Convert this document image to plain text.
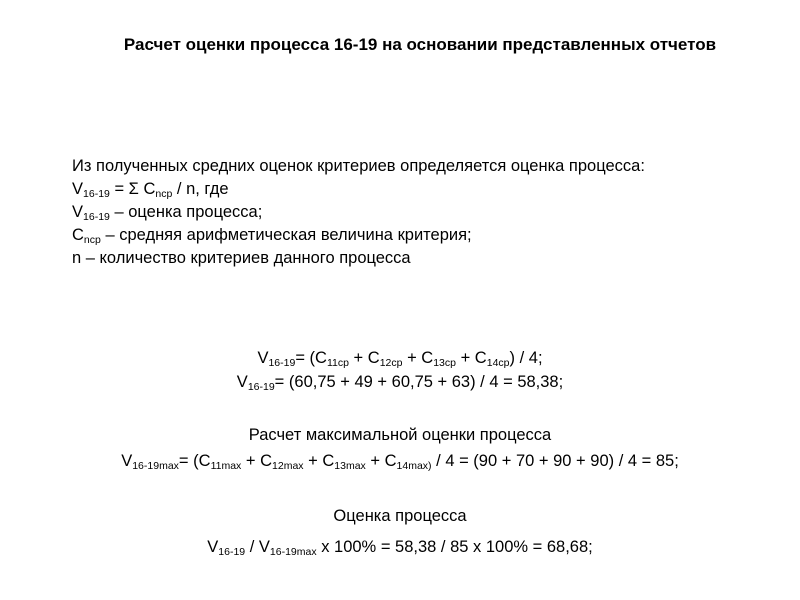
Расчет оценки процесса 16-19 на основании представленных отчетов
Из полученных средних оценок критериев определяется оценка процесса:
$V_{16-19} = \Sigma$ $C_{nср}$ / n, где
$V_{16-19}$ – оценка процесса;
$C_{nср}$ – средняя арифметическая величина критерия;
n – количество критериев данного процесса
$V_{16-19}= (C_{11ср} + C_{12ср} + C_{13ср} + C_{14ср}) / 4$;
$V_{16-19}= (60,75 + 49 + 60,75 + 63) / 4 = 58,38$;
Расчет максимальной оценки процесса
$V_{16-19max}= (C_{11max} + C_{12max} + C_{13max} + C_{14max)} / 4 = (90 + 70 + 90 + 90) / 4 = 85$;
Оценка процесса
$V_{16-19} / V_{16-19max}$ x 100% = 58,38 / 85 x 100% = 68,68;
